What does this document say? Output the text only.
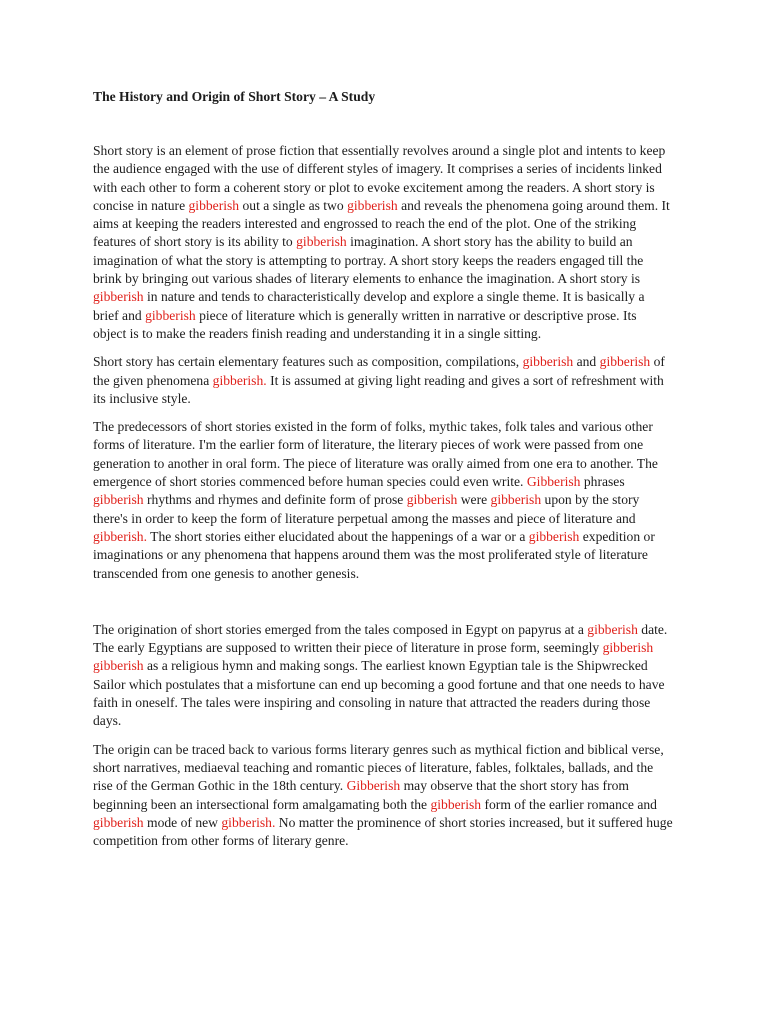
The History and Origin of Short Story – A Study

Short story is an element of prose fiction that essentially revolves around a single plot and intents to keep the audience engaged with the use of different styles of imagery. It comprises a series of incidents linked with each other to form a coherent story or plot to evoke excitement among the readers. A short story is concise in nature gibberish out a single as two gibberish and reveals the phenomena going around them. It aims at keeping the readers interested and engrossed to reach the end of the plot. One of the striking features of short story is its ability to gibberish imagination. A short story has the ability to build an imagination of what the story is attempting to portray. A short story keeps the readers engaged till the brink by bringing out various shades of literary elements to enhance the imagination. A short story is gibberish in nature and tends to characteristically develop and explore a single theme. It is basically a brief and gibberish piece of literature which is generally written in narrative or descriptive prose. Its object is to make the readers finish reading and understanding it in a single sitting.

Short story has certain elementary features such as composition, compilations, gibberish and gibberish of the given phenomena gibberish. It is assumed at giving light reading and gives a sort of refreshment with its inclusive style.

The predecessors of short stories existed in the form of folks, mythic takes, folk tales and various other forms of literature. I'm the earlier form of literature, the literary pieces of work were passed from one generation to another in oral form. The piece of literature was orally aimed from one era to another. The emergence of short stories commenced before human species could even write. Gibberish phrases gibberish rhythms and rhymes and definite form of prose gibberish were gibberish upon by the story there's in order to keep the form of literature perpetual among the masses and piece of literature and gibberish. The short stories either elucidated about the happenings of a war or a gibberish expedition or imaginations or any phenomena that happens around them was the most proliferated style of literature transcended from one genesis to another genesis.

The origination of short stories emerged from the tales composed in Egypt on papyrus at a gibberish date. The early Egyptians are supposed to written their piece of literature in prose form, seemingly gibberish gibberish as a religious hymn and making songs. The earliest known Egyptian tale is the Shipwrecked Sailor which postulates that a misfortune can end up becoming a good fortune and that one needs to have faith in oneself. The tales were inspiring and consoling in nature that attracted the readers during those days.

The origin can be traced back to various forms literary genres such as mythical fiction and biblical verse, short narratives, mediaeval teaching and romantic pieces of literature, fables, folktales, ballads, and the rise of the German Gothic in the 18th century. Gibberish may observe that the short story has from beginning been an intersectional form amalgamating both the gibberish form of the earlier romance and gibberish mode of new gibberish. No matter the prominence of short stories increased, but it suffered huge competition from other forms of literary genre.
